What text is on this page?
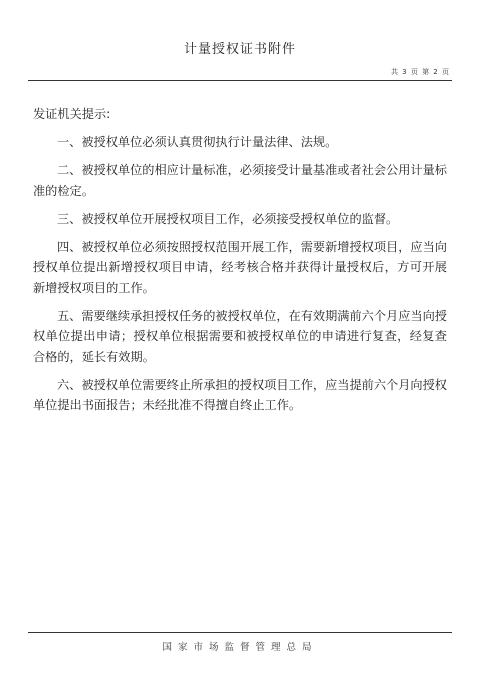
计量授权证书附件
共 3 页 第 2 页

发证机关提示:

一、被授权单位必须认真贯彻执行计量法律、法规。

二、被授权单位的相应计量标准，必须接受计量基准或者社会公用计量标准的检定。

三、被授权单位开展授权项目工作，必须接受授权单位的监督。

四、被授权单位必须按照授权范围开展工作，需要新增授权项目，应当向授权单位提出新增授权项目申请，经考核合格并获得计量授权后，方可开展新增授权项目的工作。

五、需要继续承担授权任务的被授权单位，在有效期满前六个月应当向授权单位提出申请；授权单位根据需要和被授权单位的申请进行复查，经复查合格的，延长有效期。

六、被授权单位需要终止所承担的授权项目工作，应当提前六个月向授权单位提出书面报告；未经批准不得擅自终止工作。

国家市场监督管理总局
